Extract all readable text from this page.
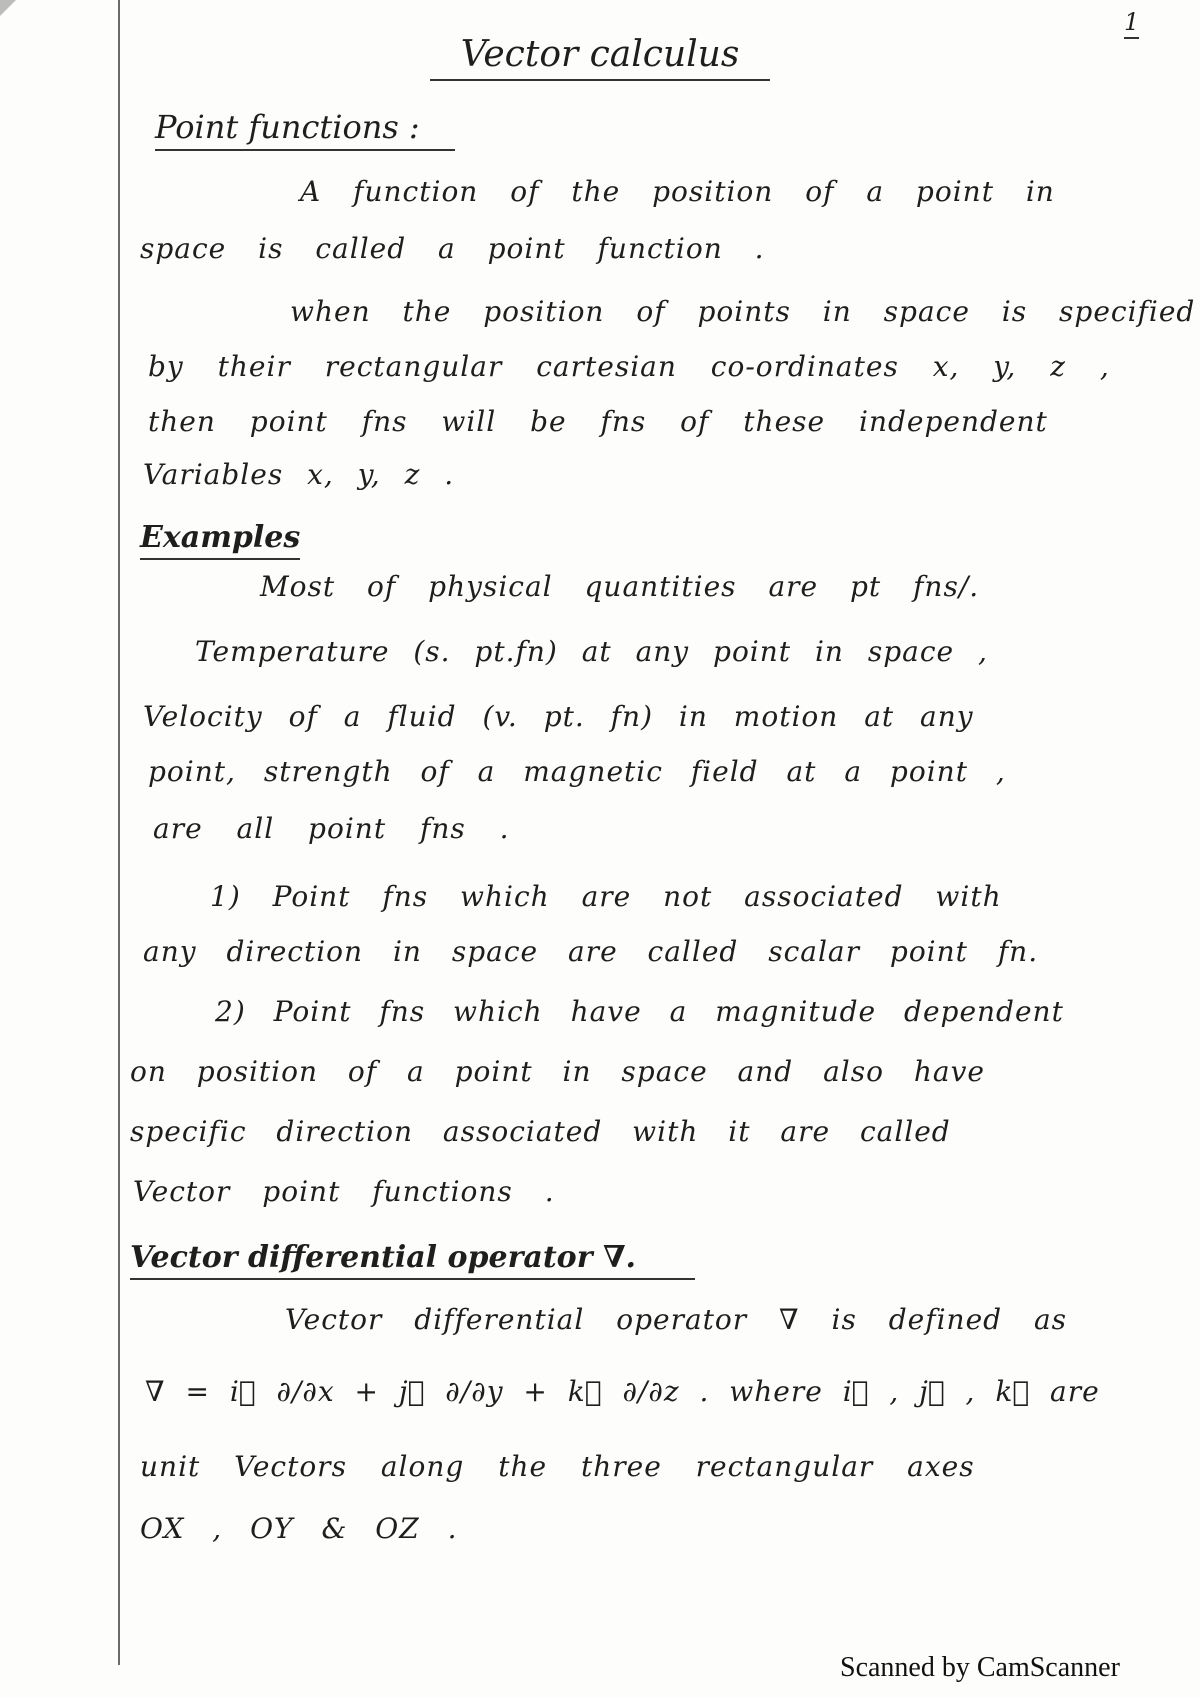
1
Vector calculus
Point functions :
A function of the position of a point in
space is called a point function .
when the position of points in space is specified
by their rectangular cartesian co-ordinates x, y, z ,
then point fns will be fns of these independent
Variables x, y, z .
Examples
Most of physical quantities are pt fns/.
Temperature (s. pt.fn) at any point in space ,
Velocity of a fluid (v. pt. fn) in motion at any
point, strength of a magnetic field at a point ,
are all point fns .
1) Point fns which are not associated with
any direction in space are called scalar point fn.
2) Point fns which have a magnitude dependent
on position of a point in space and also have
specific direction associated with it are called
Vector point functions .
Vector differential operator ∇.
Vector differential operator ∇ is defined as
∇ = i⃗ ∂/∂x + j⃗ ∂/∂y + k⃗ ∂/∂z . where i⃗ , j⃗ , k⃗ are
unit Vectors along the three rectangular axes
OX , OY & OZ .
Scanned by CamScanner
